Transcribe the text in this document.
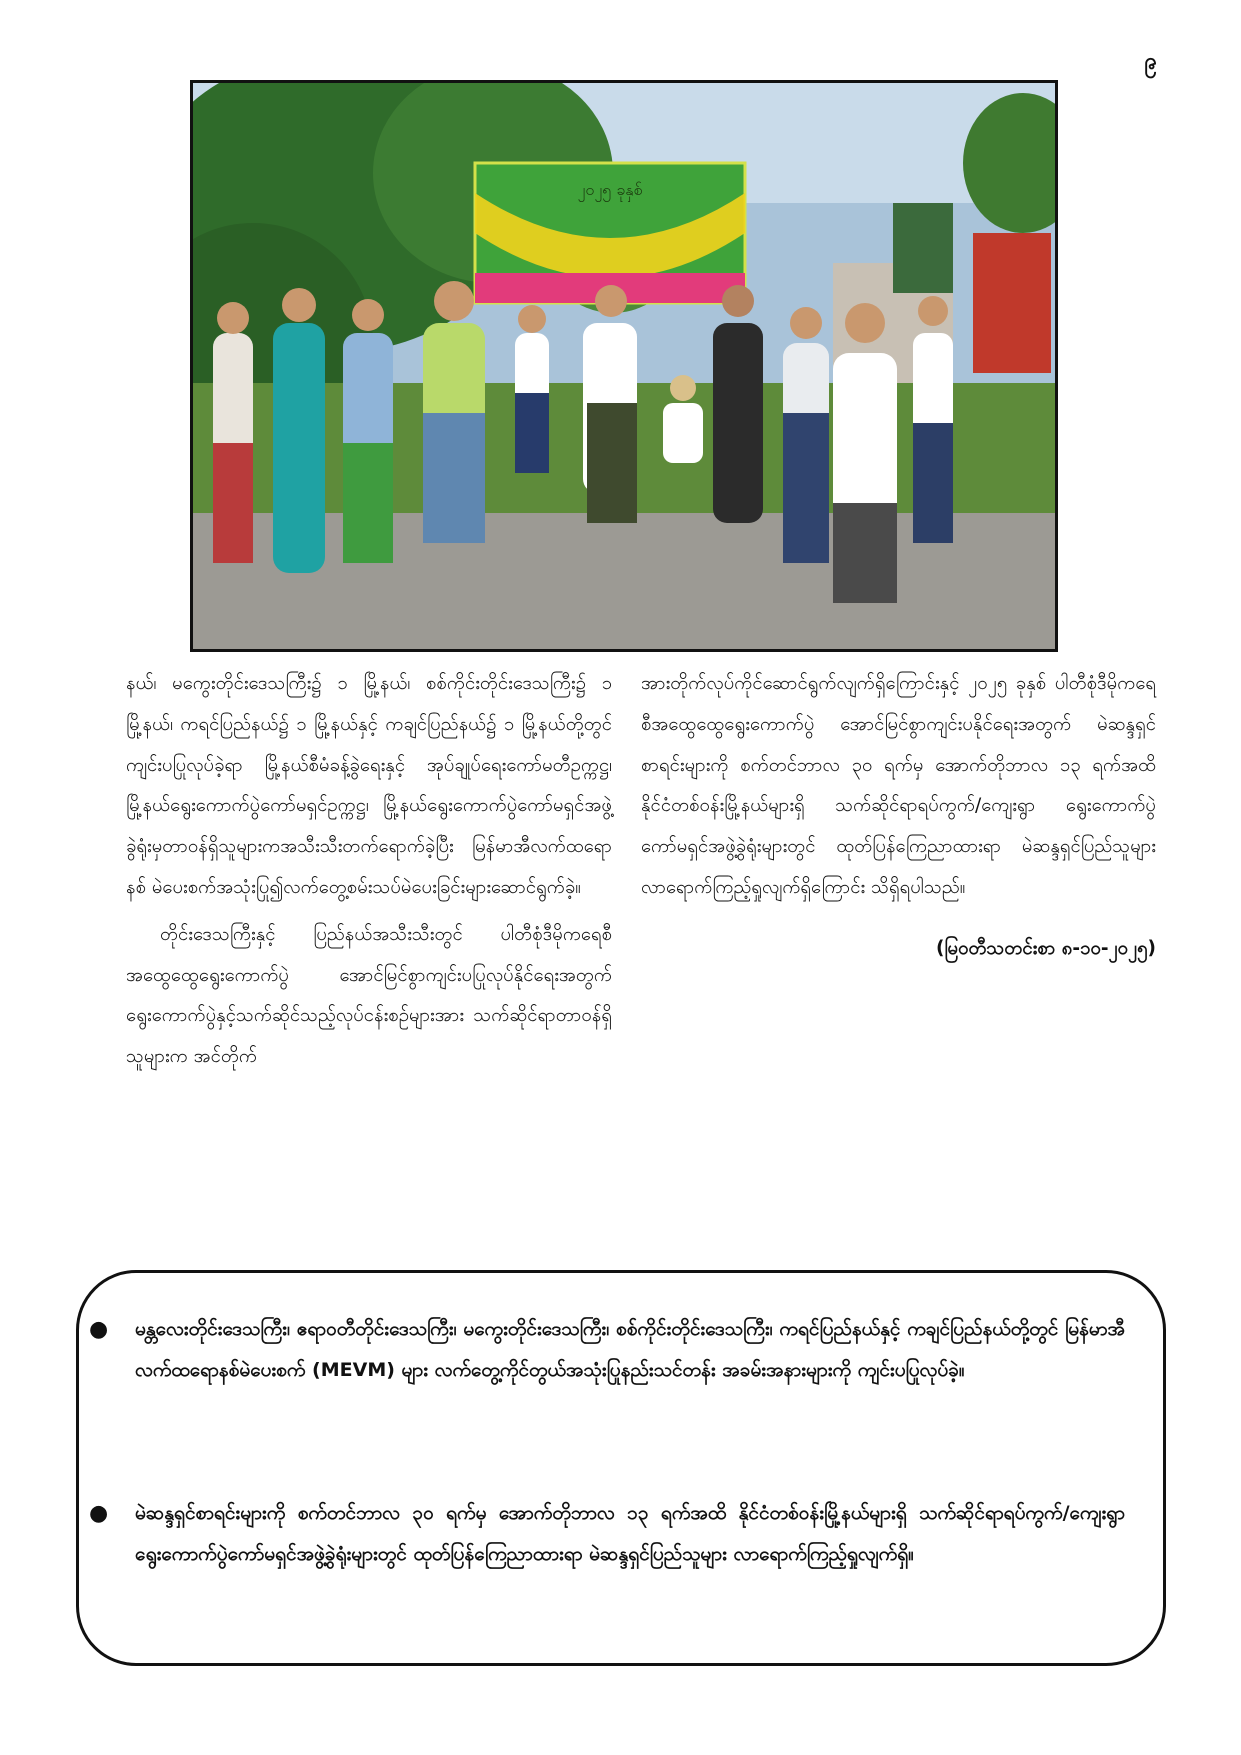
၉
၂၀၂၅ ခုနှစ်

နယ်၊ မကွေးတိုင်းဒေသကြီး၌ ၁ မြို့နယ်၊ စစ်ကိုင်းတိုင်းဒေသကြီး၌ ၁ မြို့နယ်၊ ကရင်ပြည်နယ်၌ ၁ မြို့နယ်နှင့် ကချင်ပြည်နယ်၌ ၁ မြို့နယ်တို့တွင် ကျင်းပပြုလုပ်ခဲ့ရာ မြို့နယ်စီမံခန့်ခွဲရေးနှင့် အုပ်ချုပ်ရေးကော်မတီဥက္ကဋ္ဌ၊ မြို့နယ်ရွေးကောက်ပွဲကော်မရှင်ဥက္ကဋ္ဌ၊ မြို့နယ်ရွေးကောက်ပွဲကော်မရှင်အဖွဲ့ခွဲရုံးမှတာဝန်ရှိသူများကအသီးသီးတက်ရောက်ခဲ့ပြီး မြန်မာအီလက်ထရောနစ် မဲပေးစက်အသုံးပြု၍လက်တွေ့စမ်းသပ်မဲပေးခြင်းများဆောင်ရွက်ခဲ့။

တိုင်းဒေသကြီးနှင့် ပြည်နယ်အသီးသီးတွင် ပါတီစုံဒီမိုကရေစီအထွေထွေရွေးကောက်ပွဲ အောင်မြင်စွာကျင်းပပြုလုပ်နိုင်ရေးအတွက် ရွေးကောက်ပွဲနှင့်သက်ဆိုင်သည့်လုပ်ငန်းစဉ်များအား သက်ဆိုင်ရာတာဝန်ရှိသူများက အင်တိုက်

အားတိုက်လုပ်ကိုင်ဆောင်ရွက်လျက်ရှိကြောင်းနှင့် ၂၀၂၅ ခုနှစ် ပါတီစုံဒီမိုကရေစီအထွေထွေရွေးကောက်ပွဲ အောင်မြင်စွာကျင်းပနိုင်ရေးအတွက် မဲဆန္ဒရှင်စာရင်းများကို စက်တင်ဘာလ ၃၀ ရက်မှ အောက်တိုဘာလ ၁၃ ရက်အထိ နိုင်ငံတစ်ဝန်းမြို့နယ်များရှိ သက်ဆိုင်ရာရပ်ကွက်/ကျေးရွာ ရွေးကောက်ပွဲကော်မရှင်အဖွဲ့ခွဲရုံးများတွင် ထုတ်ပြန်ကြေညာထားရာ မဲဆန္ဒရှင်ပြည်သူများ လာရောက်ကြည့်ရှုလျက်ရှိကြောင်း သိရှိရပါသည်။

(မြဝတီသတင်းစာ ၈-၁၀-၂၀၂၅)

● မန္တလေးတိုင်းဒေသကြီး၊ ဧရာဝတီတိုင်းဒေသကြီး၊ မကွေးတိုင်းဒေသကြီး၊ စစ်ကိုင်းတိုင်းဒေသကြီး၊ ကရင်ပြည်နယ်နှင့် ကချင်ပြည်နယ်တို့တွင် မြန်မာအီလက်ထရောနစ်မဲပေးစက် (MEVM) များ လက်တွေ့ကိုင်တွယ်အသုံးပြုနည်းသင်တန်း အခမ်းအနားများကို ကျင်းပပြုလုပ်ခဲ့။
● မဲဆန္ဒရှင်စာရင်းများကို စက်တင်ဘာလ ၃၀ ရက်မှ အောက်တိုဘာလ ၁၃ ရက်အထိ နိုင်ငံတစ်ဝန်းမြို့နယ်များရှိ သက်ဆိုင်ရာရပ်ကွက်/ကျေးရွာ ရွေးကောက်ပွဲကော်မရှင်အဖွဲ့ခွဲရုံးများတွင် ထုတ်ပြန်ကြေညာထားရာ မဲဆန္ဒရှင်ပြည်သူများ လာရောက်ကြည့်ရှုလျက်ရှိ။
